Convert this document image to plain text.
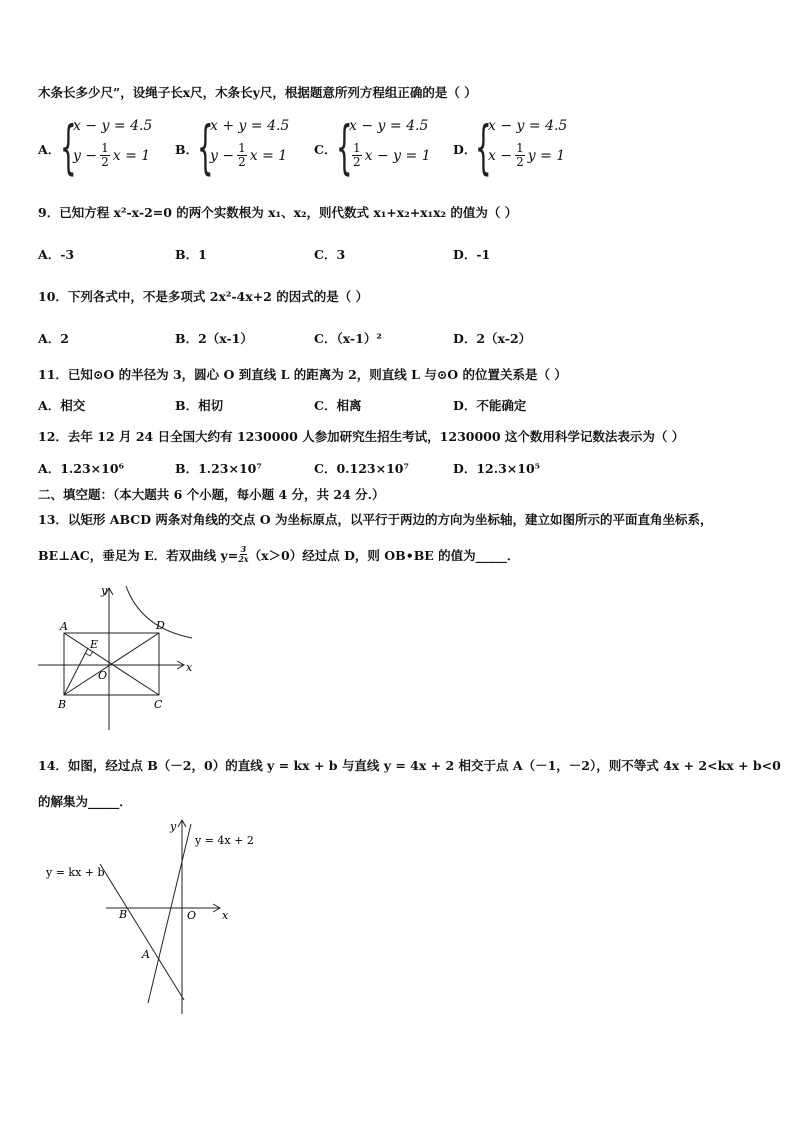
木条长多少尺”，设绳子长x尺，木条长y尺，根据题意所列方程组正确的是（ ）
A． {
x − y = 4.5
$y - \frac{1}{2}$ x = 1 B．
{
x + y = 4.5
$y - \frac{1}{2}$ x = 1 C． {
x − y = 4.5
$\frac{1}{2}$ x − y = 1 D．
{
x − y = 4.5
$x - \frac{1}{2}$ y = 1
9．已知方程 x²-x-2=0 的两个实数根为 x₁、x₂，则代数式 x₁+x₂+x₁x₂ 的值为（ ）
A．-3	B．1	C．3	D．-1
10．下列各式中，不是多项式 2x²-4x+2 的因式的是（ ）
A．2	B．2（x-1）	C．（x-1）²	D．2（x-2）
11．已知⊙O 的半径为 3，圆心 O 到直线 L 的距离为 2，则直线 L 与⊙O 的位置关系是（ ）
A．相交	B．相切	C．相离	D．不能确定
12．去年 12 月 24 日全国大约有 1230000 人参加研究生招生考试，1230000 这个数用科学记数法表示为（ ）
A．1.23×10⁶	B．1.23×10⁷	C．0.123×10⁷	D．12.3×10⁵
二、填空题：（本大题共 6 个小题，每小题 4 分，共 24 分.）
13．以矩形 ABCD 两条对角线的交点 O 为坐标原点，以平行于两边的方向为坐标轴，建立如图所示的平面直角坐标系，
BE⊥AC，垂足为 E．若双曲线 $y= \frac{3}{2x} (x>0)$经过点 D，则 OB•BE 的值为_____．
y
x
A
B	C
D
E
O
14．如图，经过点 B（－2，0）的直线 y = kx + b 与直线 y = 4x + 2 相交于点 A（－1，－2），则不等式 4x + 2<kx + b<0
的解集为_____．
y
x
y = 4x + 2
y = kx + b
B	O
A
